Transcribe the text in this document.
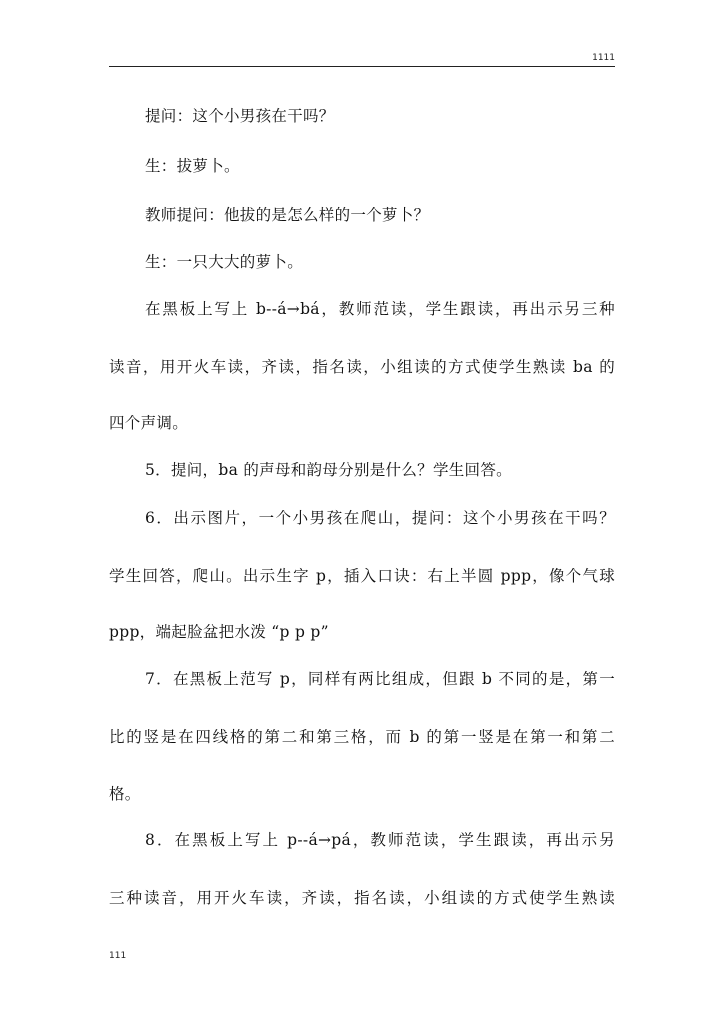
1111
提问：这个小男孩在干吗？
生：拔萝卜。
教师提问：他拔的是怎么样的一个萝卜？
生：一只大大的萝卜。
在黑板上写上 b--á→bá，教师范读，学生跟读，再出示另三种
读音，用开火车读，齐读，指名读，小组读的方式使学生熟读 ba 的
四个声调。
5．提问，ba 的声母和韵母分别是什么？学生回答。
6．出示图片，一个小男孩在爬山，提问：这个小男孩在干吗？
学生回答，爬山。出示生字 p，插入口诀：右上半圆 ppp，像个气球
ppp，端起脸盆把水泼 “p p p”
7．在黑板上范写 p，同样有两比组成，但跟 b 不同的是，第一
比的竖是在四线格的第二和第三格，而 b 的第一竖是在第一和第二
格。
8．在黑板上写上 p--á→pá，教师范读，学生跟读，再出示另
三种读音，用开火车读，齐读，指名读，小组读的方式使学生熟读
111
